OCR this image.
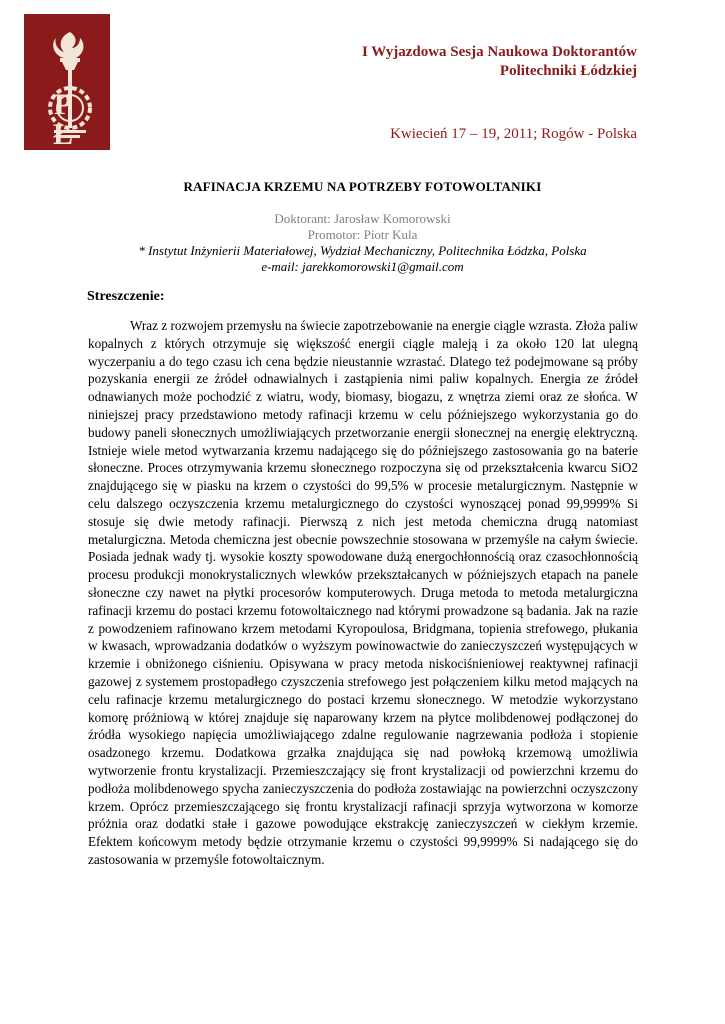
P Ł
I Wyjazdowa Sesja Naukowa Doktorantów
Politechniki Łódzkiej
Kwiecień 17 – 19, 2011; Rogów - Polska
RAFINACJA KRZEMU NA POTRZEBY FOTOWOLTANIKI
Doktorant: Jarosław Komorowski
Promotor: Piotr Kula
* Instytut Inżynierii Materiałowej, Wydział Mechaniczny, Politechnika Łódzka, Polska
e-mail: jarekkomorowski1@gmail.com
Streszczenie:

Wraz z rozwojem przemysłu na świecie zapotrzebowanie na energie ciągle wzrasta. Złoża paliw kopalnych z których otrzymuje się większość energii ciągle maleją i za około 120 lat ulegną wyczerpaniu a do tego czasu ich cena będzie nieustannie wzrastać. Dlatego też podejmowane są próby pozyskania energii ze źródeł odnawialnych i zastąpienia nimi paliw kopalnych. Energia ze źródeł odnawianych może pochodzić z wiatru, wody, biomasy, biogazu, z wnętrza ziemi oraz ze słońca. W niniejszej pracy przedstawiono metody rafinacji krzemu w celu późniejszego wykorzystania go do budowy paneli słonecznych umożliwiających przetworzanie energii słonecznej na energię elektryczną. Istnieje wiele metod wytwarzania krzemu nadającego się do późniejszego zastosowania go na baterie słoneczne. Proces otrzymywania krzemu słonecznego rozpoczyna się od przekształcenia kwarcu SiO2 znajdującego się w piasku na krzem o czystości do 99,5% w procesie metalurgicznym. Następnie w celu dalszego oczyszczenia krzemu metalurgicznego do czystości wynoszącej ponad 99,9999% Si stosuje się dwie metody rafinacji. Pierwszą z nich jest metoda chemiczna drugą natomiast metalurgiczna. Metoda chemiczna jest obecnie powszechnie stosowana w przemyśle na całym świecie. Posiada jednak wady tj. wysokie koszty spowodowane dużą energochłonnością oraz czasochłonnością procesu produkcji monokrystalicznych wlewków przekształcanych w późniejszych etapach na panele słoneczne czy nawet na płytki procesorów komputerowych. Druga metoda to metoda metalurgiczna rafinacji krzemu do postaci krzemu fotowoltaicznego nad którymi prowadzone są badania. Jak na razie z powodzeniem rafinowano krzem metodami Kyropoulosa, Bridgmana, topienia strefowego, płukania w kwasach, wprowadzania dodatków o wyższym powinowactwie do zanieczyszczeń występujących w krzemie i obniżonego ciśnieniu. Opisywana w pracy metoda niskociśnieniowej reaktywnej rafinacji gazowej z systemem prostopadłego czyszczenia strefowego jest połączeniem kilku metod mających na celu rafinacje krzemu metalurgicznego do postaci krzemu słonecznego. W metodzie wykorzystano komorę próżniową w której znajduje się naparowany krzem na płytce molibdenowej podłączonej do źródła wysokiego napięcia umożliwiającego zdalne regulowanie nagrzewania podłoża i stopienie osadzonego krzemu. Dodatkowa grzałka znajdująca się nad powłoką krzemową umożliwia wytworzenie frontu krystalizacji. Przemieszczający się front krystalizacji od powierzchni krzemu do podłoża molibdenowego spycha zanieczyszczenia do podłoża zostawiając na powierzchni oczyszczony krzem. Oprócz przemieszczającego się frontu krystalizacji rafinacji sprzyja wytworzona w komorze próżnia oraz dodatki stałe i gazowe powodujące ekstrakcję zanieczyszczeń w ciekłym krzemie. Efektem końcowym metody będzie otrzymanie krzemu o czystości 99,9999% Si nadającego się do zastosowania w przemyśle fotowoltaicznym.
